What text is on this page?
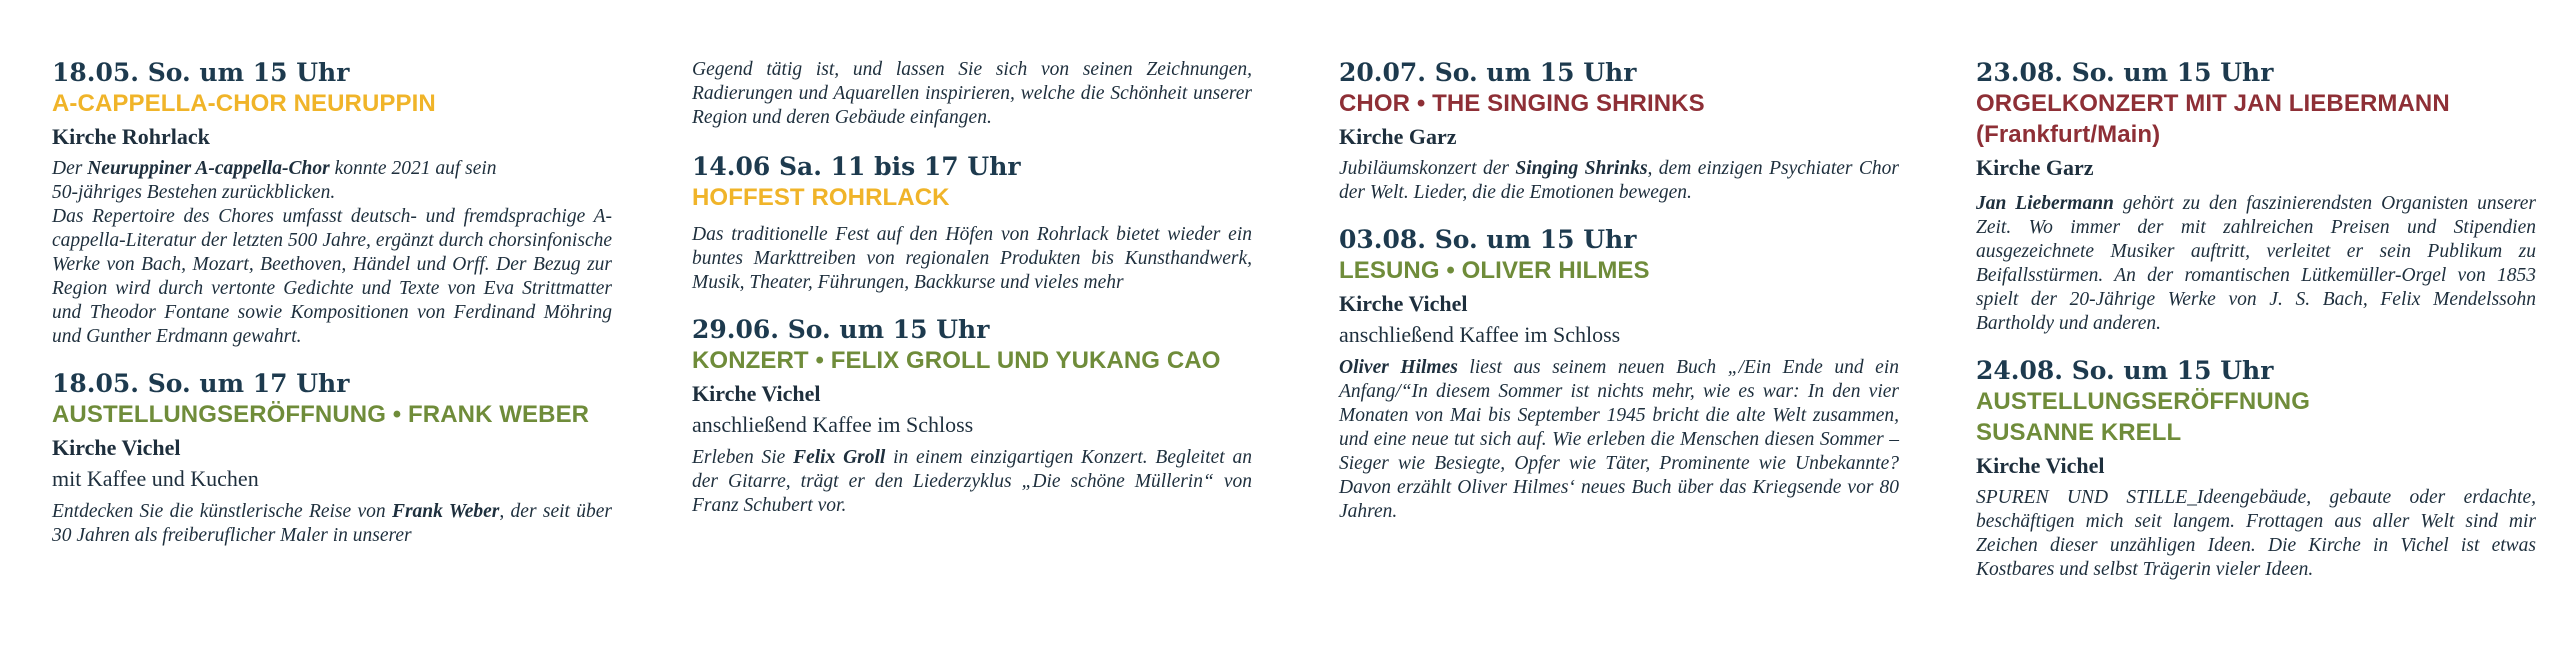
18.05. So. um 15 Uhr

A-CAPPELLA-CHOR NEURUPPIN

Kirche Rohrlack

Der Neuruppiner A-cappella-Chor konnte 2021 auf sein
50-jähriges Bestehen zurückblicken.

Das Repertoire des Chores umfasst deutsch- und fremdsprachige A-cappella-Literatur der letzten 500 Jahre, ergänzt durch chorsinfonische Werke von Bach, Mozart, Beethoven, Händel und Orff. Der Bezug zur Region wird durch vertonte Gedichte und Texte von Eva Strittmatter und Theodor Fontane sowie Kompositionen von Ferdinand Möhring und Gunther Erdmann gewahrt.

18.05. So. um 17 Uhr

AUSTELLUNGSERÖFFNUNG • FRANK WEBER

Kirche Vichel

mit Kaffee und Kuchen

Entdecken Sie die künstlerische Reise von Frank Weber, der seit über 30 Jahren als freiberuflicher Maler in unserer

Gegend tätig ist, und lassen Sie sich von seinen Zeichnungen, Radierungen und Aquarellen inspirieren, welche die Schönheit unserer Region und deren Gebäude einfangen.

14.06 Sa. 11 bis 17 Uhr

HOFFEST ROHRLACK

Das traditionelle Fest auf den Höfen von Rohrlack bietet wieder ein buntes Markttreiben von regionalen Produkten bis Kunsthandwerk, Musik, Theater, Führungen, Backkurse und vieles mehr

29.06. So. um 15 Uhr

KONZERT • FELIX GROLL UND YUKANG CAO

Kirche Vichel

anschließend Kaffee im Schloss

Erleben Sie Felix Groll in einem einzigartigen Konzert. Begleitet an der Gitarre, trägt er den Liederzyklus „Die schöne Müllerin“ von Franz Schubert vor.

20.07. So. um 15 Uhr

CHOR • THE SINGING SHRINKS

Kirche Garz

Jubiläumskonzert der Singing Shrinks, dem einzigen Psychiater Chor der Welt. Lieder, die die Emotionen bewegen.

03.08. So. um 15 Uhr

LESUNG • OLIVER HILMES

Kirche Vichel

anschließend Kaffee im Schloss

Oliver Hilmes liest aus seinem neuen Buch „/Ein Ende und ein Anfang/“In diesem Sommer ist nichts mehr, wie es war: In den vier Monaten von Mai bis September 1945 bricht die alte Welt zusammen, und eine neue tut sich auf. Wie erleben die Menschen diesen Sommer – Sieger wie Besiegte, Opfer wie Täter, Prominente wie Unbekannte? Davon erzählt Oliver Hilmes‘ neues Buch über das Kriegsende vor 80 Jahren.

23.08. So. um 15 Uhr

ORGELKONZERT MIT JAN LIEBERMANN

(Frankfurt/Main)

Kirche Garz

Jan Liebermann gehört zu den faszinierendsten Organisten unserer Zeit. Wo immer der mit zahlreichen Preisen und Stipendien ausgezeichnete Musiker auftritt, verleitet er sein Publikum zu Beifallsstürmen. An der romantischen Lütkemüller-Orgel von 1853 spielt der 20-Jährige Werke von J. S. Bach, Felix Mendelssohn Bartholdy und anderen.

24.08. So. um 15 Uhr

AUSTELLUNGSERÖFFNUNG

SUSANNE KRELL

Kirche Vichel

SPUREN UND STILLE_Ideengebäude, gebaute oder erdachte, beschäftigen mich seit langem. Frottagen aus aller Welt sind mir Zeichen dieser unzähligen Ideen. Die Kirche in Vichel ist etwas Kostbares und selbst Trägerin vieler Ideen.
